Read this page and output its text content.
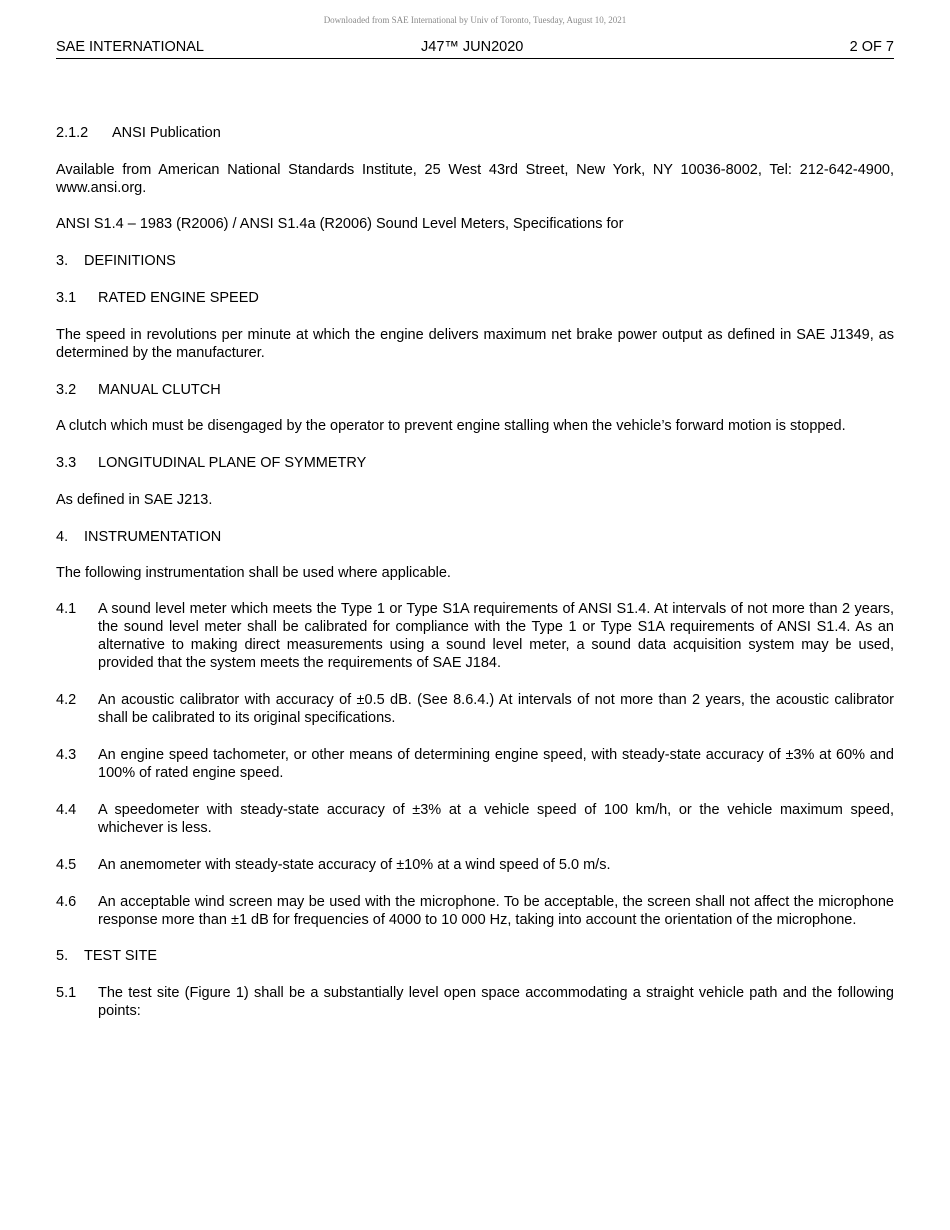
Downloaded from SAE International by Univ of Toronto, Tuesday, August 10, 2021
SAE INTERNATIONAL	J47™ JUN2020	2 OF 7
2.1.2	ANSI Publication

Available from American National Standards Institute, 25 West 43rd Street, New York, NY 10036-8002, Tel: 212-642-4900, www.ansi.org.

ANSI S1.4 – 1983 (R2006) / ANSI S1.4a (R2006) Sound Level Meters, Specifications for

3.	DEFINITIONS
3.1	RATED ENGINE SPEED

The speed in revolutions per minute at which the engine delivers maximum net brake power output as defined in SAE J1349, as determined by the manufacturer.

3.2	MANUAL CLUTCH

A clutch which must be disengaged by the operator to prevent engine stalling when the vehicle’s forward motion is stopped.

3.3	LONGITUDINAL PLANE OF SYMMETRY

As defined in SAE J213.

4.	INSTRUMENTATION

The following instrumentation shall be used where applicable.

4.1	A sound level meter which meets the Type 1 or Type S1A requirements of ANSI S1.4. At intervals of not more than 2 years, the sound level meter shall be calibrated for compliance with the Type 1 or Type S1A requirements of ANSI S1.4. As an alternative to making direct measurements using a sound level meter, a sound data acquisition system may be used, provided that the system meets the requirements of SAE J184.
4.2	An acoustic calibrator with accuracy of ±0.5 dB. (See 8.6.4.) At intervals of not more than 2 years, the acoustic calibrator shall be calibrated to its original specifications.
4.3	An engine speed tachometer, or other means of determining engine speed, with steady-state accuracy of ±3% at 60% and 100% of rated engine speed.
4.4	A speedometer with steady-state accuracy of ±3% at a vehicle speed of 100 km/h, or the vehicle maximum speed, whichever is less.
4.5	An anemometer with steady-state accuracy of ±10% at a wind speed of 5.0 m/s.
4.6	An acceptable wind screen may be used with the microphone. To be acceptable, the screen shall not affect the microphone response more than ±1 dB for frequencies of 4000 to 10 000 Hz, taking into account the orientation of the microphone.
5.	TEST SITE
5.1	The test site (Figure 1) shall be a substantially level open space accommodating a straight vehicle path and the following points:
